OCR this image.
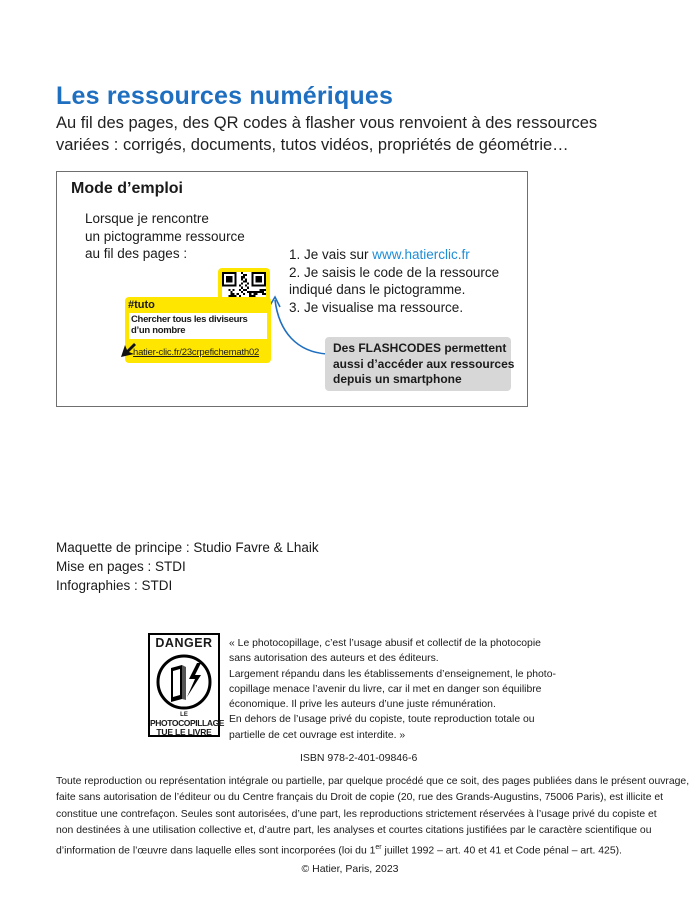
Les ressources numériques
Au fil des pages, des QR codes à flasher vous renvoient à des ressources
variées : corrigés, documents, tutos vidéos, propriétés de géométrie…
Mode d’emploi
Lorsque je rencontre
un pictogramme ressource
au fil des pages :	1. Je vais sur www.hatierclic.fr
2. Je saisis le code de la ressource
indiqué dans le pictogramme.
3. Je visualise ma ressource.
#tuto
Chercher tous les diviseurs
d’un nombre
hatier-clic.fr/23crpefichemath02	Des FLASHCODES permettent
aussi d’accéder aux ressources
depuis un smartphone
Maquette de principe : Studio Favre & Lhaik
Mise en pages : STDI
Infographies : STDI
DANGER
LE
PHOTOCOPILLAGE
TUE LE LIVRE
« Le photocopillage, c’est l’usage abusif et collectif de la photocopie
sans autorisation des auteurs et des éditeurs.
Largement répandu dans les établissements d’enseignement, le photo-
copillage menace l’avenir du livre, car il met en danger son équilibre
économique. Il prive les auteurs d’une juste rémunération.
En dehors de l’usage privé du copiste, toute reproduction totale ou
partielle de cet ouvrage est interdite. »
ISBN 978-2-401-09846-6
Toute reproduction ou représentation intégrale ou partielle, par quelque procédé que ce soit, des pages publiées dans le présent ouvrage,
faite sans autorisation de l’éditeur ou du Centre français du Droit de copie (20, rue des Grands-Augustins, 75006 Paris), est illicite et
constitue une contrefaçon. Seules sont autorisées, d’une part, les reproductions strictement réservées à l’usage privé du copiste et
non destinées à une utilisation collective et, d’autre part, les analyses et courtes citations justifiées par le caractère scientifique ou
d’information de l’œuvre dans laquelle elles sont incorporées (loi du 1er juillet 1992 – art. 40 et 41 et Code pénal – art. 425).
© Hatier, Paris, 2023
